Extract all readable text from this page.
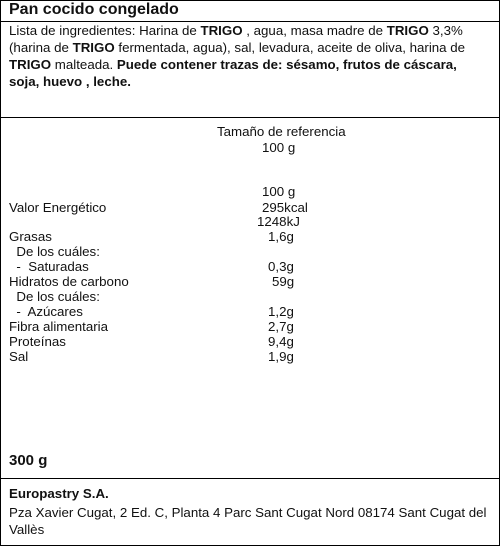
Pan cocido congelado
Lista de ingredientes: Harina de TRIGO , agua, masa madre de TRIGO 3,3% (harina de TRIGO fermentada, agua), sal, levadura, aceite de oliva, harina de TRIGO malteada. Puede contener trazas de: sésamo, frutos de cáscara, soja, huevo , leche.
Tamaño de referencia
100 g
100 g
Valor Energético	295kcal
1248kJ
Grasas	1,6g
De los cuáles:
-  Saturadas	0,3g
Hidratos de carbono	59g
De los cuáles:
-  Azúcares	1,2g
Fibra alimentaria	2,7g
Proteínas	9,4g
Sal	1,9g
300 g
Europastry S.A.
Pza Xavier Cugat, 2 Ed. C, Planta 4 Parc Sant Cugat Nord 08174 Sant Cugat del Vallès
